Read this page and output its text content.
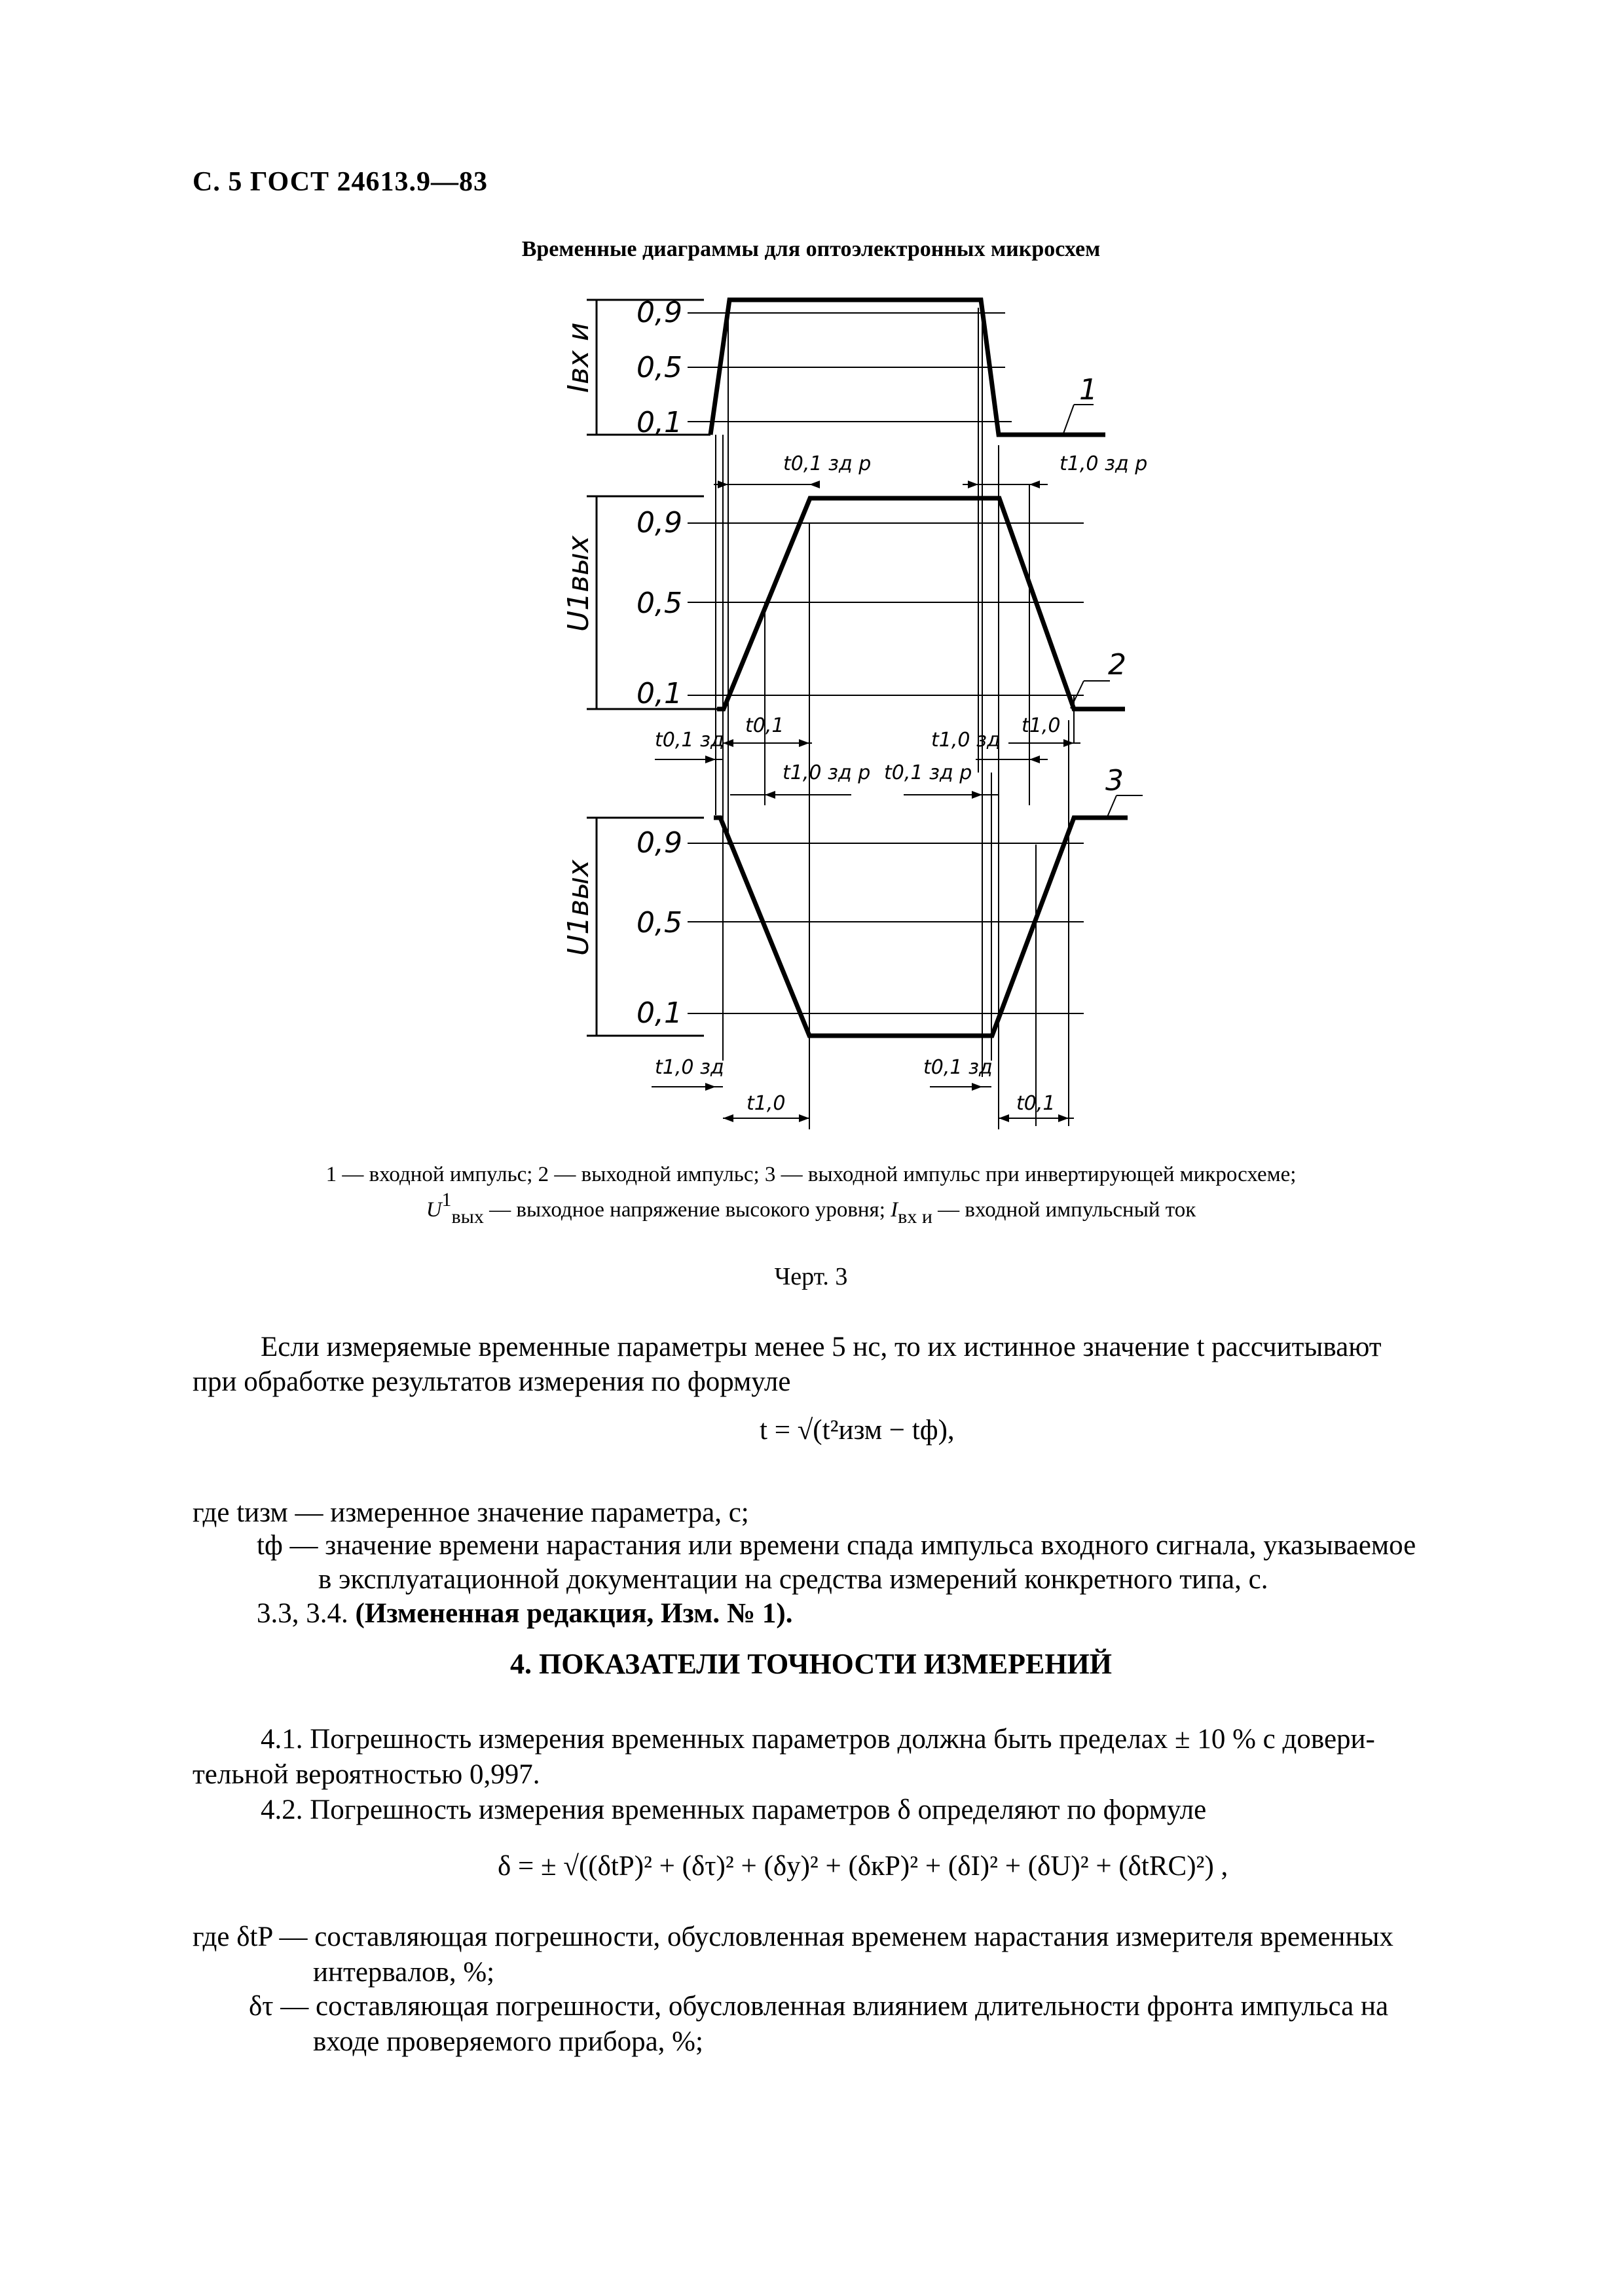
С. 5 ГОСТ 24613.9—83
Временные диаграммы для оптоэлектронных микросхем
0,9
0,5
0,1
0,9
0,5
0,1
0,9
0,5
0,1
Iвх и
U1вых
U1вых
1
2
3
t0,1 зд р	t1,0 зд р
t0,1 зд
t0,1
t1,0 зд р t0,1 зд р
t1,0 зд
t1,0
t1,0 зд
t1,0
t0,1 зд
t0,1
1 — входной импульс; 2 — выходной импульс; 3 — выходной импульс при инвертирующей микросхеме;
U1вых — выходное напряжение высокого уровня; Iвх и — входной импульсный ток
Черт. 3
Если измеряемые временные параметры менее 5 нс, то их истинное значение t рассчитывают
при обработке результатов измерения по формуле
t = √(t²изм − tф),
где tизм — измеренное значение параметра, с;
tф — значение времени нарастания или времени спада импульса входного сигнала, указываемое
в эксплуатационной документации на средства измерений конкретного типа, с.
3.3, 3.4. (Измененная редакция, Изм. № 1).
4. ПОКАЗАТЕЛИ ТОЧНОСТИ ИЗМЕРЕНИЙ
4.1. Погрешность измерения временных параметров должна быть пределах ± 10 % с довери-
тельной вероятностью 0,997.
4.2. Погрешность измерения временных параметров δ определяют по формуле
δ = ± √((δtP)² + (δτ)² + (δу)² + (δкP)² + (δI)² + (δU)² + (δtRC)²) ,
где δtP — составляющая погрешности, обусловленная временем нарастания измерителя временных
интервалов, %;
δτ — составляющая погрешности, обусловленная влиянием длительности фронта импульса на
входе проверяемого прибора, %;
